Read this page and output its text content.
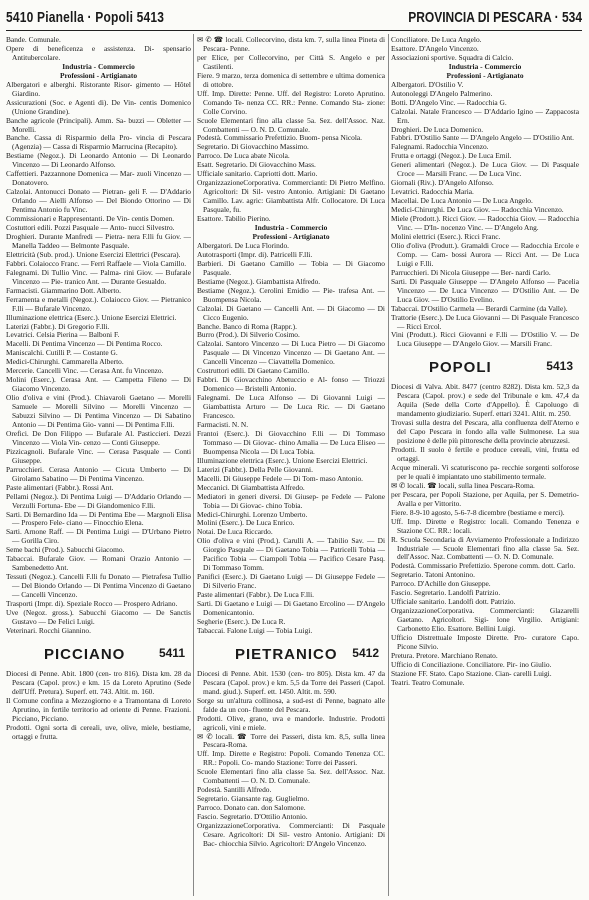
5410 Pianella · Popoli 5413	PROVINCIA DI PESCARA · 534

Bande. Comunale.

Opere di beneficenza e assistenza. Di- spensario Antitubercolare.

Industria - Commercio

Professioni - Artigianato

Albergatori e alberghi. Ristorante Risor- gimento — Hôtel Giardino.

Assicurazioni (Soc. e Agenti di). De Vin- centis Domenico (Unione Grandine).

Banche agricole (Principali). Amm. Sa- buzzi — Obletter — Morelli.

Banche. Cassa di Risparmio della Pro- vincia di Pescara (Agenzia) — Cassa di Risparmio Marrucina (Recapito).

Bestiame (Negoz.). Di Leonardo Antonio — Di Leonardo Vincenzo — Di Leonardo Alfonso.

Caffettieri. Pazzannone Domenica — Mar- zuoli Vincenzo — Donatovero.

Calzolai. Antonucci Donato — Pietran- geli F. — D'Addario Orlando — Aielli Alfonso — Del Biondo Ottorino — Di Pentima Antonio fu Vinc.

Commissionari e Rappresentanti. De Vin- centis Domen.

Costuttori edili. Pozzi Pasquale — Anto- nucci Silvestro.

Droghieri. Durante Manfredi — Pietra- nera F.lli fu Giov. — Manella Taddeo — Belmonte Pasquale.

Elettricità (Sub. prod.). Unione Esercizi Elettrici (Pescara).

Fabbri. Colaiocco Franc. — Ferri Raffaele — Viola Camillo.

Falegnami. Di Tullio Vinc. — Palma- rini Giov. — Bufarale Vincenzo — Pie- tranico Ant. — Durante Gesualdo.

Farmacisti. Giammarino Dott. Alberto.

Ferramenta e metalli (Negoz.). Colaiocco Giov. — Pietranico F.lli — Bufarale Vincenzo.

Illuminazione elettrica (Eserc.). Unione Esercizi Elettrici.

Laterizi (Fabbr.). Di Gregorio F.lli.

Levatrici. Celsia Pierina — Balboni F.

Macelli. Di Pentima Vincenzo — Di Pentima Rocco.

Maniscalchi. Cutilli P. — Costante G.

Medici-Chirurghi. Cammarella Alberto.

Mercerie. Cancelli Vinc. — Cerasa Ant. fu Vincenzo.

Molini (Eserc.). Cerasa Ant. — Campetta Fileno — Di Giacomo Vincenzo.

Olio d'oliva e vini (Prod.). Chiavaroli Gaetano — Morelli Samuele — Morelli Silvino — Morelli Vincenzo — Sabuzzi Silvino — Di Pentima Vincenzo — Di Sabatino Antonio — Di Pentima Gio- vanni — Di Pentima F.lli.

Orefici. De Don Filippo — Bufarale Al. Pasticcieri. Dezzi Vincenzo — Viola Vin- cenzo — Conti Giuseppe.

Pizzicagnoli. Bufarale Vinc. — Cerasa Pasquale — Conti Giuseppe.

Parrucchieri. Cerasa Antonio — Cicuta Umberto — Di Girolamo Sabatino — Di Pentima Vincenzo.

Paste alimentari (Fabbr.). Rossi Ant.

Pellami (Negoz.). Di Pentima Luigi — D'Addario Orlando — Verzulli Fortuna- Ebe — Di Giandomenico F.lli.

Sarti. Di Bernardino Ida — Di Pentima Ebe — Margnoli Elisa — Prospero Fele- ciano — Finocchio Elena.

Sarti. Arnone Raff. — Di Pentima Luigi — D'Urbano Pietro — Gorilla Ciro.

Seme bachi (Prod.). Sabucchi Giacomo.

Tabaccai. Bufarale Giov. — Romani Orazio Antonio — Sambenedetto Ant.

Tessuti (Negoz.). Cancelli F.lli fu Donato — Pietrafesa Tullio — Del Biondo Orlando — Di Pentima Vincenzo di Gaetano — Cancelli Vincenzo.

Trasporti (Impr. di). Speziale Rocco — Prospero Adriano.

Uve (Negoz. gross.). Sabucchi Giacomo — De Sanctis Gustavo — De Felici Luigi.

Veterinari. Rocchi Giannino.

PICCIANO	5411

Diocesi di Penne. Abit. 1800 (cen- tro 816). Dista km. 28 da Pescara (Capol. prov.) e km. 15 da Loreto Aprutino (Sede dell'Uff. Pretura). Superf. ett. 743. Altit. m. 160.

Il Comune confina a Mezzogiorno e a Tramontana di Loreto Aprutino, in fertile territorio ad oriente di Penne. Frazioni. Picciano, Picciano.

Prodotti. Ogni sorta di cereali, uve, olive, miele, bestiame, ortaggi e frutta.

✉ ✆ ☎ locali. Collecorvino, dista km. 7, sulla linea Pineta di Pescara- Penne.

per Elice, per Collecorvino, per Città S. Angelo e per Castilenti.

Fiere. 9 marzo, terza domenica di settembre e ultima domenica di ottobre.

Uff. Imp. Dirette: Penne. Uff. del Registro: Loreto Aprutino. Comando Te- nenza CC. RR.: Penne. Comando Sta- zione: Colle Corvino.

Scuole Elementari fino alla classe 5a. Sez. dell'Assoc. Naz. Combattenti — O. N. D. Comunale.

Podestà. Commissario Prefettizio. Buom- pensa Nicola.

Segretario. Di Giovacchino Massimo.

Parroco. De Luca abate Nicola.

Esatt. Segretario. Di Giovacchino Mass.

Ufficiale sanitario. Capriotti dott. Mario.

OrganizzazioneCorporativa. Commercianti: Di Pietro Melfino. Agricoltori: Di Sil- vestro Antonio. Artigiani: Di Gaetano Camillo. Lav. agric: Giambattista Alfr. Collocatore. Di Luca Pasquale, fu.

Esattore. Tabilio Pierino.

Industria - Commercio

Professioni - Artigianato

Albergatori. De Luca Florindo.

Autotrasporti (Impr. di). Patricelli F.lli.

Barbieri. Di Gaetano Camillo — Tobia — Di Giacomo Pasquale.

Bestiame (Negoz.). Giambattista Alfredo.

Bestiame (Negoz.). Cerolini Emidio — Pie- trafesa Ant. — Buompensa Nicola.

Calzolai. Di Gaetano — Cancelli Ant. — Di Giacomo — Di Cicco Eugenio.

Banche. Banco di Roma (Rappr.).

Burro (Prod.). Di Silverio Cosimo.

Calzolai. Santoro Vincenzo — Di Luca Pietro — Di Giacomo Pasquale — Di Vincenzo Vincenzo — Di Gaetano Ant. — Cancelli Vincenzo — Ciavattella Domenico.

Costruttori edili. Di Gaetano Camillo.

Fabbri. Di Giovacchino Abetuccio e Al- fonso — Triozzi Domenico — Bristelli Antonio.

Falegnami. De Luca Alfonso — Di Giovanni Luigi — Giambattista Arturo — De Luca Ric. — Di Gaetano Francesco.

Farmacisti. N. N.

Frantoi (Eserc.). Di Giovacchino F.lli — Di Tommaso Tommaso — Di Giovac- chino Amalia — De Luca Eliseo — Buompensa Nicola — Di Luca Tobia.

Illuminazione elettrica (Eserc.). Unione Esercizi Elettrici.

Laterizi (Fabbr.). Della Pelle Giovanni.

Macelli. Di Giuseppe Fedele — Di Tom- maso Antonio.

Meccanici. Di Giambattista Alfredo.

Mediatori in generi diversi. Di Giusep- pe Fedele — Palone Tobia — Di Giovac- chino Tobia.

Medici-Chirurghi. Lorenzo Umberto.

Molini (Eserc.). De Luca Enrico.

Notai. De Luca Riccardo.

Olio d'oliva e vini (Prod.). Carulli A. — Tabilio Sav. — Di Giorgio Pasquale — Di Gaetano Tobia — Patricelli Tobia — Pacifico Tobia — Ciampoli Tobia — Pacifico Cesare Pasq. Di Tommaso Tomm.

Panifici (Eserc.). Di Gaetano Luigi — Di Giuseppe Fedele — Di Silverio Franc.

Paste alimentari (Fabbr.). De Luca F.lli.

Sarti. Di Gaetano e Luigi — Di Gaetano Ercolino — D'Angelo Domenicantonio.

Segherie (Eserc.). De Luca R.

Tabaccai. Falone Luigi — Tobia Luigi.

PIETRANICO 5412

Diocesi di Penne. Abit. 1530 (cen- tro 805). Dista km. 47 da Pescara (Capol. prov.) e km. 5,5 da Torre dei Passeri (Capol. mand. giud.). Superf. ett. 1450. Altit. m. 590.

Sorge su un'altura collinosa, a sud-est di Penne, bagnato alle falde da un con- fluente del Pescara.

Prodotti. Olive, grano, uva e mandorle. Industrie. Prodotti agricoli, vini e miele.

✉ ✆ locali. ☎ Torre dei Passeri, dista km. 8,5, sulla linea Pescara-Roma.

Uff. Imp. Dirette e Registro: Popoli. Comando Tenenza CC. RR.: Popoli. Co- mando Stazione: Torre dei Passeri.

Scuole Elementari fino alla classe 5a. Sez. dell'Assoc. Naz. Combattenti — O. N. D. Comunale.

Podestà. Santilli Alfredo.

Segretario. Giansante rag. Guglielmo.

Parroco. Donato can. don Salomone.

Fascio. Segretario. D'Ottilio Antonio.

OrganizzazioneCorporativa. Commercianti: Di Pasquale Cesare. Agricoltori: Di Sil- vestro Antonio. Artigiani: Di Bac- chiocchia Silvio. Agricoltori: D'Angelo Vincenzo.

Conciliatore. De Luca Angelo.

Esattore. D'Angelo Vincenzo.

Associazioni sportive. Squadra di Calcio.

Industria - Commercio

Professioni - Artigianato

Albergatori. D'Ostilio V.

Autonoleggi D'Angelo Palmerino.

Botti. D'Angelo Vinc. — Radocchia G.

Calzolai. Natale Francesco — D'Addario Igino — Zappacosta Ern.

Droghieri. De Luca Domenico.

Fabbri. D'Ostilio Sante — D'Angelo Angelo — D'Ostilio Ant.

Falegnami. Radocchia Vincenzo.

Frutta e ortaggi (Negoz.). De Luca Emil.

Generi alimentari (Negoz.). De Luca Giov. — Di Pasquale Croce — Marsili Franc. — De Luca Vinc.

Giornali (Riv.). D'Angelo Alfonso.

Levatrici. Radocchia Maria.

Macellai. De Luca Antonio — De Luca Angelo.

Medici-Chirurghi. De Luca Giov. — Radocchia Vincenzo.

Miele (Prodott.). Ricci Giov. — Radocchia Giov. — Radocchia Vinc. — D'In- nocenzo Vinc. — D'Angelo Ang.

Molini elettrici (Eserc.). Ricci Franc.

Olio d'oliva (Produtt.). Gramaldi Croce — Radocchia Ercole e Comp. — Cam- bossi Aurora — Ricci Ant. — De Luca Luigi e F.lli.

Parrucchieri. Di Nicola Giuseppe — Ber- nardi Carlo.

Sarti. Di Pasquale Giuseppe — D'Angelo Alfonso — Pacelia Vincenzo — De Luca Vincenzo — D'Ostilio Ant. — De Luca Giov. — D'Ostilio Evelino.

Tabaccai. D'Ostilio Carmela — Berardi Carmine (da Valle).

Trattorie (Eserc.). De Luca Giovanni — Di Pasquale Francesco — Ricci Ercol.

Vini (Produtt.). Ricci Giovanni e F.lli — D'Ostilio V. — De Luca Giuseppe — D'Angelo Giov. — Marsili Franc.

POPOLI	5413

Diocesi di Valva. Abit. 8477 (centro 8282). Dista km. 52,3 da Pescara (Capol. prov.) e sede del Tribunale e km. 47,4 da Aquila (Sede della Corte d'Appello). È Capoluogo di mandamento giudiziario. Superf. ettari 3241. Altit. m. 250.

Trovasi sulla destra del Pescara, alla confluenza dell'Aterno e del Capo Pescara in fondo alla valle Sulmonese. La sua posizione è delle più pittoresche della provincie abruzzesi.

Prodotti. Il suolo è fertile e produce cereali, vini, frutta ed ortaggi.

Acque minerali. Vi scaturiscono pa- recchie sorgenti solforose per le quali è impiantato uno stabilimento termale.

✉ ✆ locali. ☎ locali, sulla linea Pescara-Roma.

per Pescara, per Popoli Stazione, per Aquila, per S. Demetrio-Avalla e per Vittorito.

Fiere. 8-9-10 agosto, 5-6-7-8 dicembre (bestiame e merci).

Uff. Imp. Dirette e Registro: locali. Comando Tenenza e Stazione CC. RR.: locali.

R. Scuola Secondaria di Avviamento Professionale a Indirizzo Industriale — Scuole Elementari fino alla classe 5a. Sez. dell'Assoc. Naz. Combattenti — O. N. D. Comunale.

Podestà. Commissario Prefettizio. Sperone comm. dott. Carlo.

Segretario. Tatoni Antonino.

Parroco. D'Achille don Giuseppe.

Fascio. Segretario. Landolfi Patrizio.

Ufficiale sanitario. Landolfi dott. Patrizio.

OrganizzazioneCorporativa. Commercianti: Glazarelli Gaetano. Agricoltori. Sigi- lone Virgilio. Artigiani: Carbonetto Elio. Esattore. Bellini Luigi.

Ufficio Distrettuale Imposte Dirette. Pro- curatore Capo. Picone Silvio.

Pretura. Pretore. Marchiano Renato.

Ufficio di Conciliazione. Conciliatore. Pir- ino Giulio.

Stazione FF. Stato. Capo Stazione. Cian- carelli Luigi.

Teatri. Teatro Comunale.
